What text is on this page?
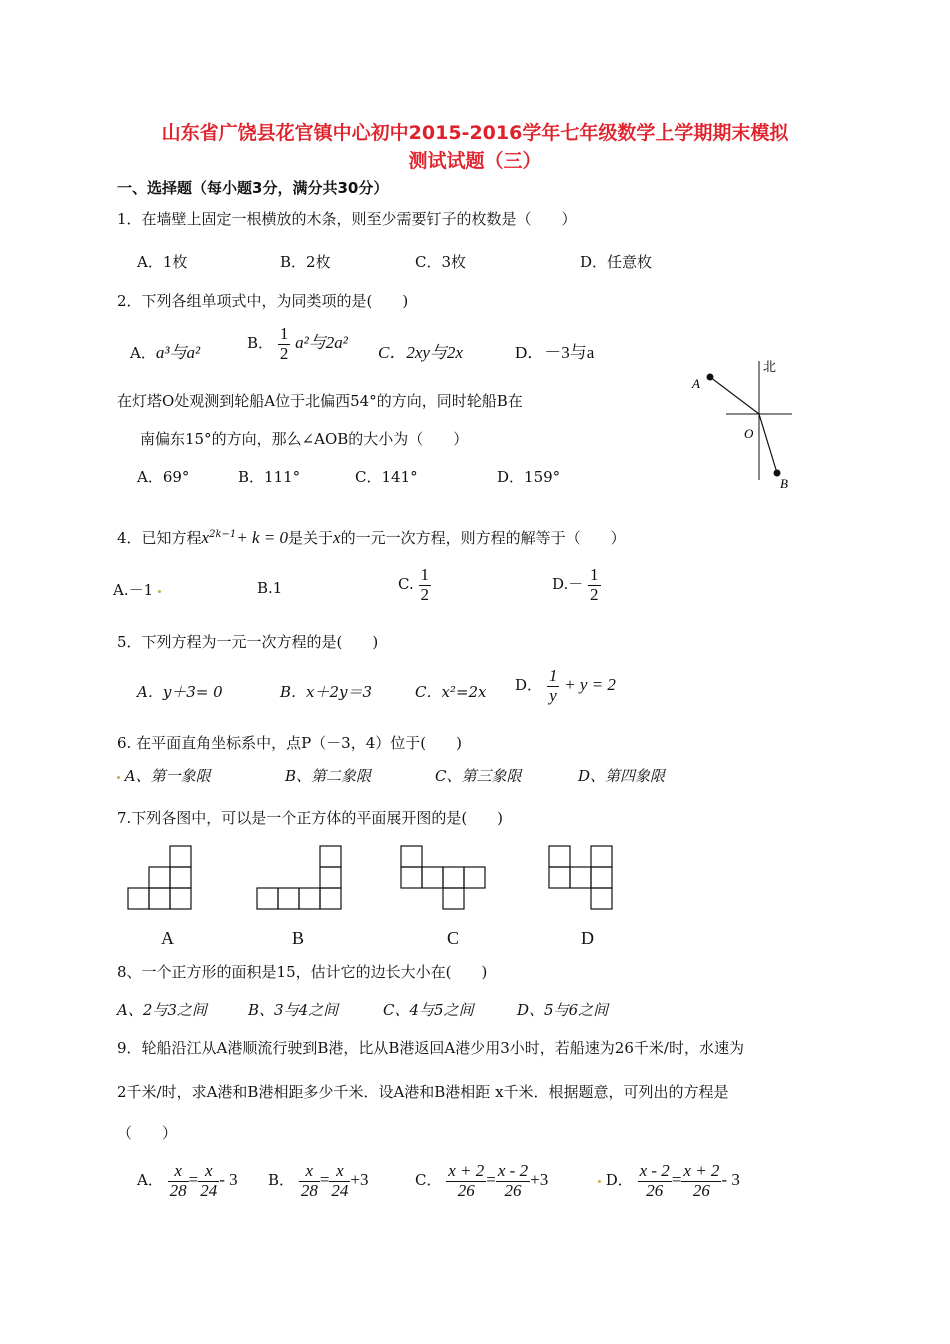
山东省广饶县花官镇中心初中2015-2016学年七年级数学上学期期末模拟
测试试题（三）
一、选择题（每小题3分，满分共30分）
1．在墙壁上固定一根横放的木条，则至少需要钉子的枚数是（　　）
A．1枚	B．2枚	C．3枚	D．任意枚
2．下列各组单项式中，为同类项的是(　　)
A．a³与a²	B． $\frac{1}{2} a^2$与2a²
C．2xy与2x	D．－3与a
在灯塔O处观测到轮船A位于北偏西54°的方向，同时轮船B在
南偏东15°的方向，那么∠AOB的大小为（　　）
A．69°	B．111°	C．141°	D．159°
北
A
O
B
4．已知方程$x^{2k-1}+ k = 0$是关于x的一元一次方程，则方程的解等于（　　）
A.－1	B.1	C. $\frac{1}{2}$	$D.- \frac{1}{2}$
5．下列方程为一元一次方程的是(　　)
A．y＋3= 0	B．x＋2y＝3	C．x²=2x D． $\frac{1}{y} + y = 2$
6. 在平面直角坐标系中，点P（－3，4）位于(　　)
A、第一象限	B、第二象限	C、第三象限	D、第四象限
7.下列各图中，可以是一个正方体的平面展开图的是(　　)
A	B	C	D
8、一个正方形的面积是15，估计它的边长大小在(　　)
A、2与3之间	B、3与4之间	C、4与5之间	D、5与6之间
9．轮船沿江从A港顺流行驶到B港，比从B港返回A港少用3小时，若船速为26千米/时，水速为
2千米/时，求A港和B港相距多少千米．设A港和B港相距 x千米．根据题意，可列出的方程是
（　　）
A． $\frac{x}{28} = \frac{x}{24} - 3$ B． $\frac{x}{28} = \frac{x}{24} +3$	C． $\frac{x + 2}{26} = \frac{x - 2}{26} +3$	D． $\frac{x - 2}{26} = \frac{x + 2}{26} - 3$
